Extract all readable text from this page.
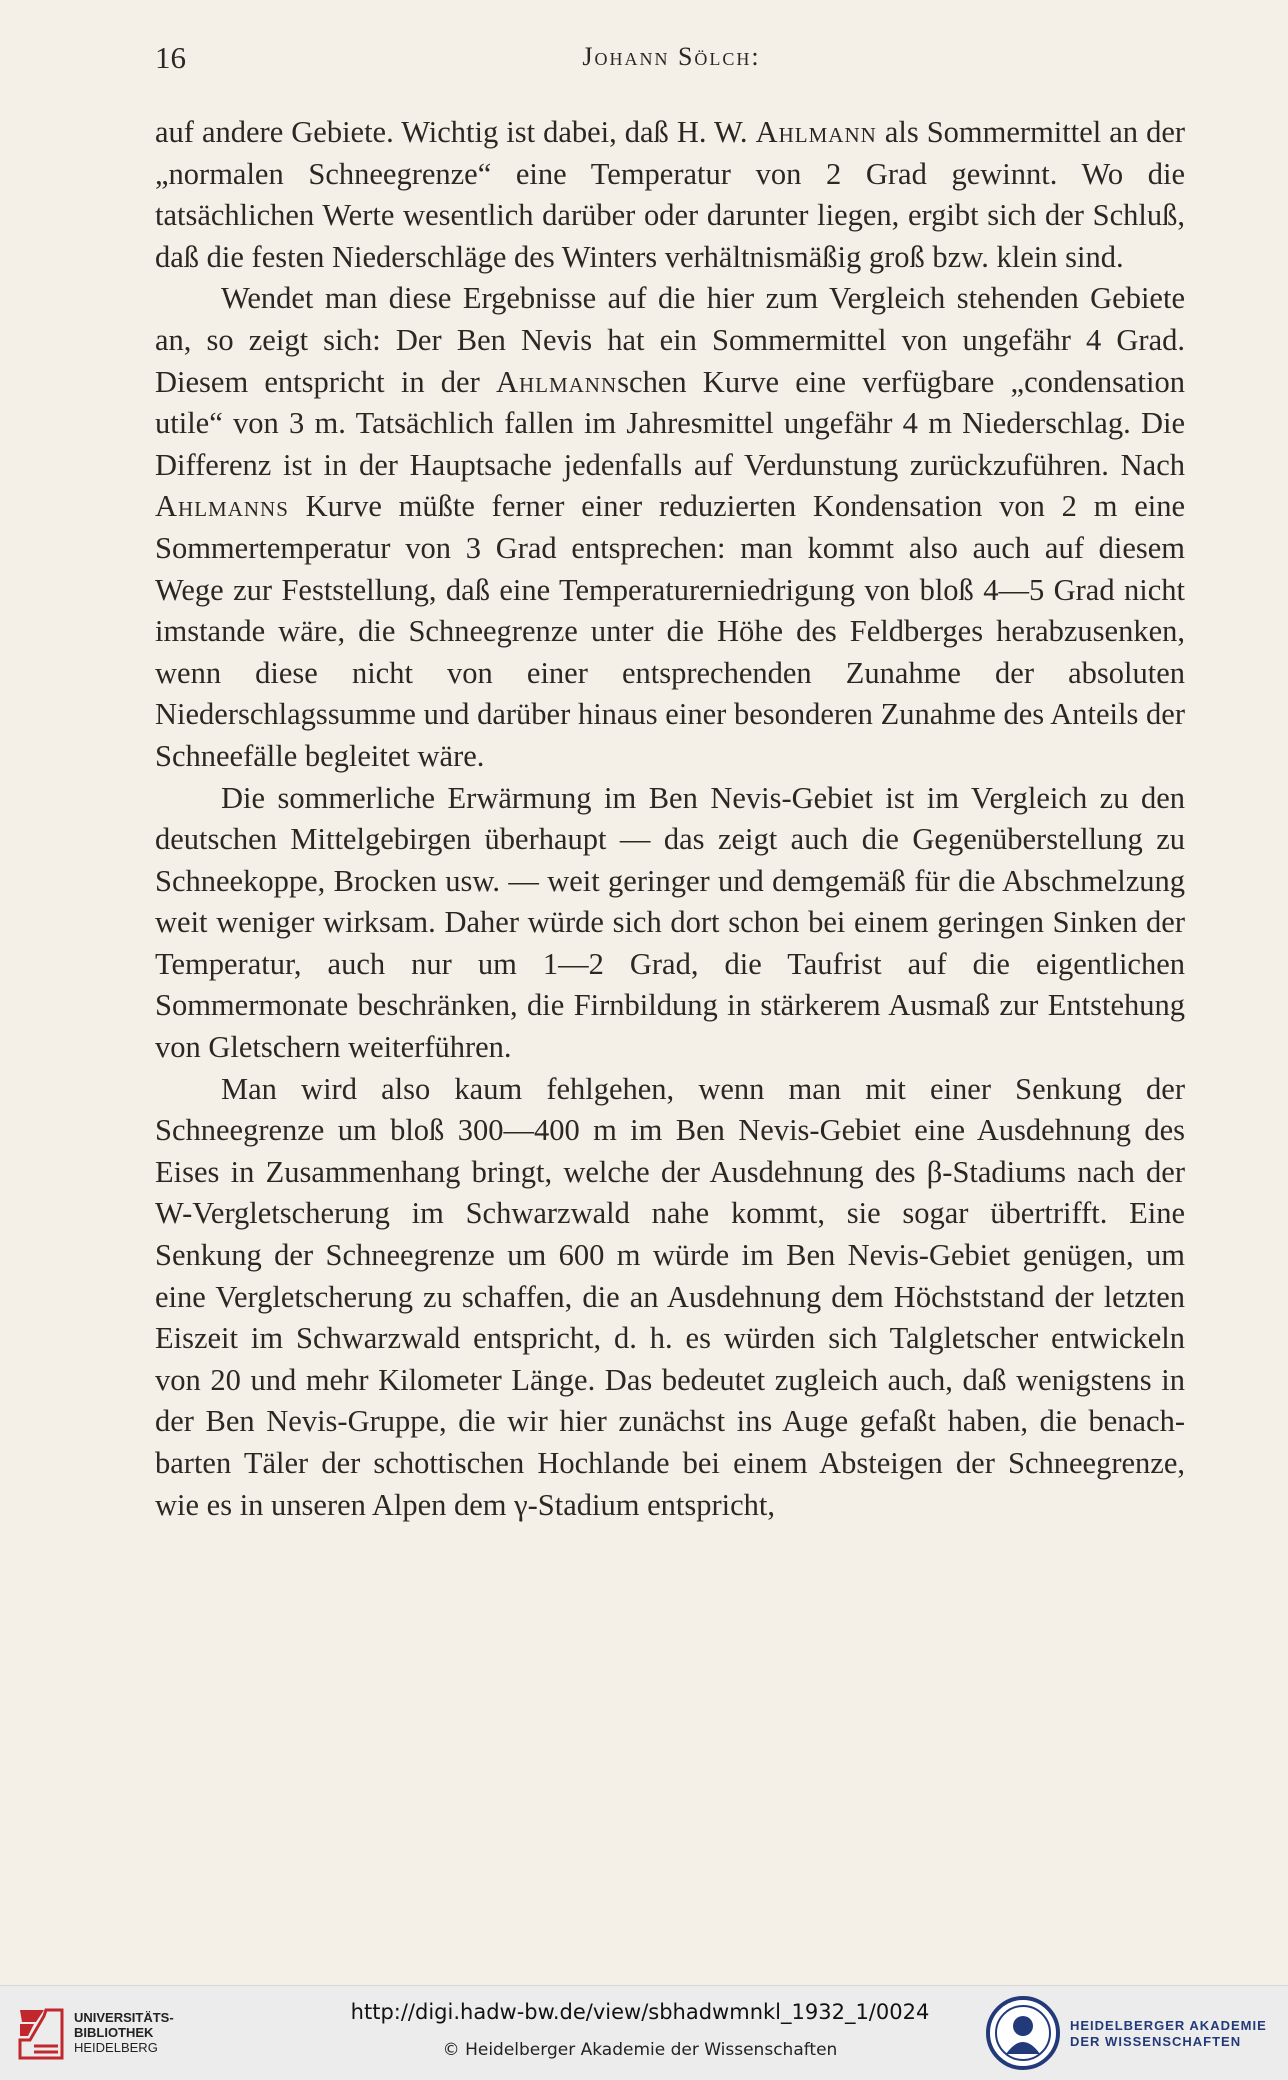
16	Johann Sölch:

auf andere Gebiete. Wichtig ist dabei, daß H. W. Ahlmann als Sommermittel an der „normalen Schneegrenze“ eine Temperatur von 2 Grad gewinnt. Wo die tatsächlichen Werte wesentlich darüber oder darunter liegen, ergibt sich der Schluß, daß die festen Niederschläge des Winters verhältnismäßig groß bzw. klein sind.

Wendet man diese Ergebnisse auf die hier zum Vergleich stehenden Gebiete an, so zeigt sich: Der Ben Nevis hat ein Sommermittel von ungefähr 4 Grad. Diesem entspricht in der Ahlmannschen Kurve eine verfügbare „condensation utile“ von 3 m. Tatsächlich fallen im Jahresmittel ungefähr 4 m Niederschlag. Die Differenz ist in der Hauptsache jedenfalls auf Verdunstung zurückzuführen. Nach Ahlmanns Kurve müßte ferner einer reduzierten Kondensation von 2 m eine Sommertemperatur von 3 Grad entsprechen: man kommt also auch auf diesem Wege zur Feststellung, daß eine Temperaturerniedrigung von bloß 4—5 Grad nicht imstande wäre, die Schneegrenze unter die Höhe des Feldberges herabzusenken, wenn diese nicht von einer entsprechenden Zunahme der absoluten Niederschlagssumme und darüber hinaus einer besonderen Zunahme des Anteils der Schneefälle begleitet wäre.

Die sommerliche Erwärmung im Ben Nevis-Gebiet ist im Vergleich zu den deutschen Mittelgebirgen überhaupt — das zeigt auch die Gegenüberstellung zu Schneekoppe, Brocken usw. — weit geringer und demgemäß für die Abschmelzung weit weniger wirksam. Daher würde sich dort schon bei einem geringen Sinken der Temperatur, auch nur um 1—2 Grad, die Taufrist auf die eigentlichen Sommermonate beschränken, die Firnbildung in stärkerem Ausmaß zur Entstehung von Gletschern weiterführen.

Man wird also kaum fehlgehen, wenn man mit einer Senkung der Schneegrenze um bloß 300—400 m im Ben Nevis-Gebiet eine Ausdehnung des Eises in Zusammenhang bringt, welche der Ausdehnung des β-Stadiums nach der W-Vergletscherung im Schwarzwald nahe kommt, sie sogar übertrifft. Eine Senkung der Schneegrenze um 600 m würde im Ben Nevis-Gebiet genügen, um eine Vergletscherung zu schaffen, die an Ausdehnung dem Höchststand der letzten Eiszeit im Schwarzwald entspricht, d. h. es würden sich Talgletscher entwickeln von 20 und mehr Kilometer Länge. Das bedeutet zugleich auch, daß wenigstens in der Ben Nevis-Gruppe, die wir hier zunächst ins Auge gefaßt haben, die benachbarten Täler der schottischen Hochlande bei einem Absteigen der Schneegrenze, wie es in unseren Alpen dem γ-Stadium entspricht,

UNIVERSITÄTS-
BIBLIOTHEK
HEIDELBERG
http://digi.hadw-bw.de/view/sbhadwmnkl_1932_1/0024
© Heidelberger Akademie der Wissenschaften
HEIDELBERGER AKADEMIE
DER WISSENSCHAFTEN
